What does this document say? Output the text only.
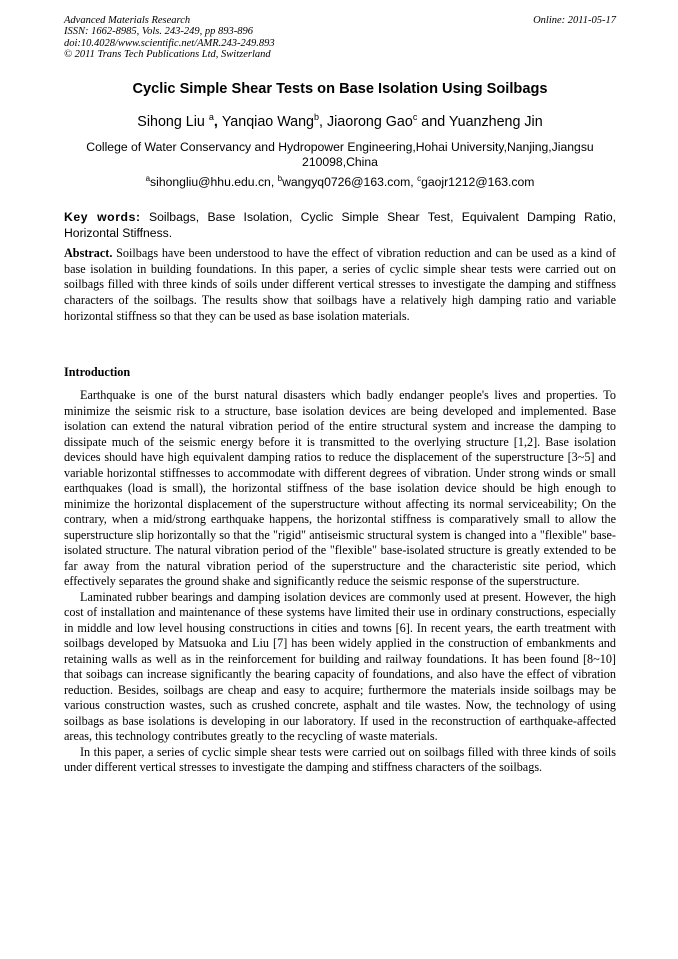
Advanced Materials Research
ISSN: 1662-8985, Vols. 243-249, pp 893-896
doi:10.4028/www.scientific.net/AMR.243-249.893
© 2011 Trans Tech Publications Ltd, Switzerland
Online: 2011-05-17
Cyclic Simple Shear Tests on Base Isolation Using Soilbags
Sihong Liu $^a$, Yanqiao Wang$^b$, Jiaorong Gao$^c$ and Yuanzheng Jin
College of Water Conservancy and Hydropower Engineering,Hohai University,Nanjing,Jiangsu 210098,China
$^a$sihongliu@hhu.edu.cn, $^b$wangyq0726@163.com, $^c$gaojr1212@163.com
Key words: Soilbags, Base Isolation, Cyclic Simple Shear Test, Equivalent Damping Ratio, Horizontal Stiffness.
Abstract. Soilbags have been understood to have the effect of vibration reduction and can be used as a kind of base isolation in building foundations. In this paper, a series of cyclic simple shear tests were carried out on soilbags filled with three kinds of soils under different vertical stresses to investigate the damping and stiffness characters of the soilbags. The results show that soilbags have a relatively high damping ratio and variable horizontal stiffness so that they can be used as base isolation materials.
Introduction

Earthquake is one of the burst natural disasters which badly endanger people's lives and properties. To minimize the seismic risk to a structure, base isolation devices are being developed and implemented. Base isolation can extend the natural vibration period of the entire structural system and increase the damping to dissipate much of the seismic energy before it is transmitted to the overlying structure [1,2]. Base isolation devices should have high equivalent damping ratios to reduce the displacement of the superstructure [3~5] and variable horizontal stiffnesses to accommodate with different degrees of vibration. Under strong winds or small earthquakes (load is small), the horizontal stiffness of the base isolation device should be high enough to minimize the horizontal displacement of the superstructure without affecting its normal serviceability; On the contrary, when a mid/strong earthquake happens, the horizontal stiffness is comparatively small to allow the superstructure slip horizontally so that the "rigid" antiseismic structural system is changed into a "flexible" base-isolated structure. The natural vibration period of the "flexible" base-isolated structure is greatly extended to be far away from the natural vibration period of the superstructure and the characteristic site period, which effectively separates the ground shake and significantly reduce the seismic response of the superstructure.

Laminated rubber bearings and damping isolation devices are commonly used at present. However, the high cost of installation and maintenance of these systems have limited their use in ordinary constructions, especially in middle and low level housing constructions in cities and towns [6]. In recent years, the earth treatment with soilbags developed by Matsuoka and Liu [7] has been widely applied in the construction of embankments and retaining walls as well as in the reinforcement for building and railway foundations. It has been found [8~10] that soibags can increase significantly the bearing capacity of foundations, and also have the effect of vibration reduction. Besides, soilbags are cheap and easy to acquire; furthermore the materials inside soilbags may be various construction wastes, such as crushed concrete, asphalt and tile wastes. Now, the technology of using soilbags as base isolations is developing in our laboratory. If used in the reconstruction of earthquake-affected areas, this technology contributes greatly to the recycling of waste materials.

In this paper, a series of cyclic simple shear tests were carried out on soilbags filled with three kinds of soils under different vertical stresses to investigate the damping and stiffness characters of the soilbags.
